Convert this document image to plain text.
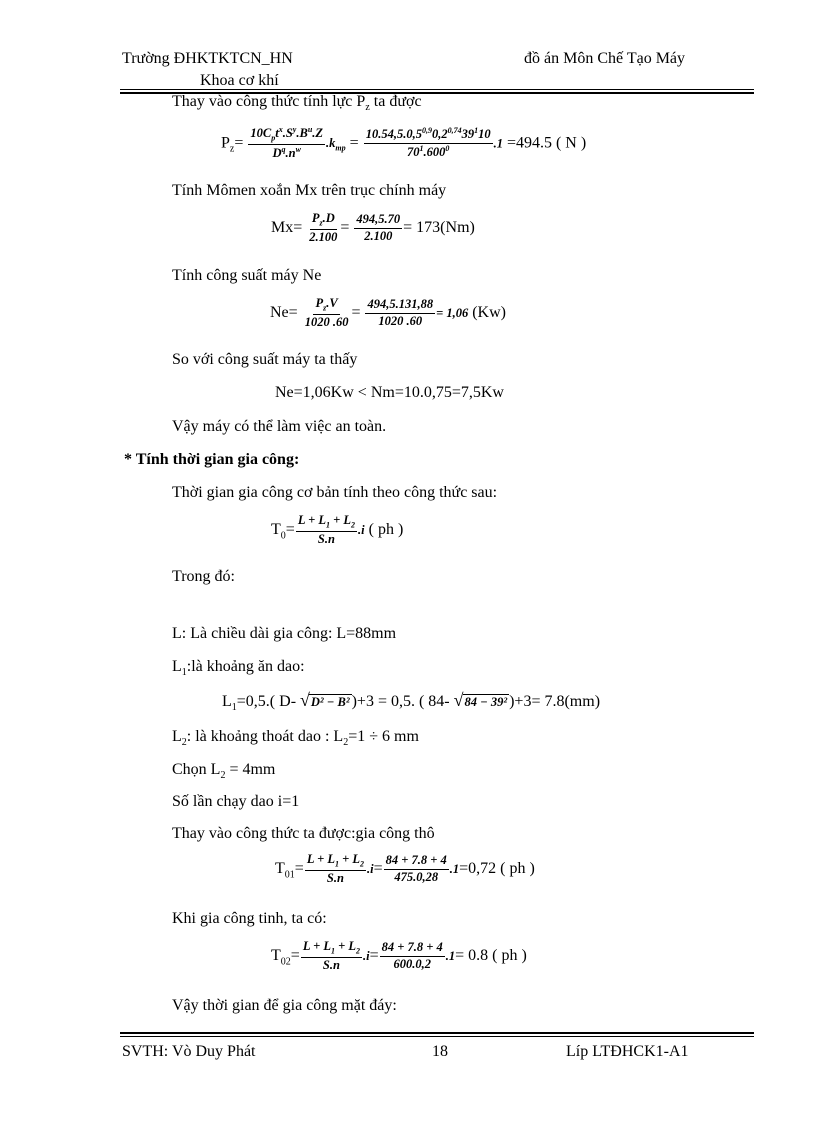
Trường ĐHKTKTCN_HN
Khoa cơ khí
đồ án Môn Chế Tạo Máy
Thay vào công thức tính lực $P_z$ ta được
$P_z= \frac{10C_pt^x.S^y.B^u.Z}{D^q.n^w} .k_{mp} = \frac{10.54,5.0,5^{0,9}0,2^{0,74}39^110}{70^1.600^0} .1 =494.5$ ( N )
Tính Mômen xoắn Mx trên trục chính máy
$Mx= \frac{P_z.D}{2.100} = \frac{494,5.70}{2.100} = 173(Nm)$
Tính công suất máy Ne
$Ne= \frac{P_z.V}{1020 .60} = \frac{494,5.131,88}{1020 .60} = 1,06$ (Kw)
So với công suất máy ta thấy
Ne=1,06Kw < Nm=10.0,75=7,5Kw
Vậy máy có thể làm việc an toàn.
* Tính thời gian gia công:
Thời gian gia công cơ bản tính theo công thức sau:
$T_0= \frac{L + L_1 + L_2}{S.n} .i$ ( ph )
Trong đó:
L: Là chiều dài gia công: L=88mm
$L_1:là$ khoảng ăn dao:
$L_1=0,5$.( D- √D² − B² )+3 = 0,5. ( 84- √84 − 39² )+3= 7.8(mm)
$L_2$: là khoảng thoát dao : $L_2=1 \div 6$ mm
Chọn $L_2 = 4mm$
Số lần chạy dao i=1
Thay vào công thức ta được:gia công thô
$T_{01}= \frac{L + L_1 + L_2}{S.n} .i= \frac{84 + 7.8 + 4}{475.0,28} .1=0,72$ ( ph )
Khi gia công tinh, ta có:
$T_{02}= \frac{L + L_1 + L_2}{S.n} .i= \frac{84 + 7.8 + 4}{600.0,2} .1= 0.8$ ( ph )
Vậy thời gian để gia công mặt đáy:
SVTH: Vò Duy Phát	18	Líp LTĐHCK1-A1
